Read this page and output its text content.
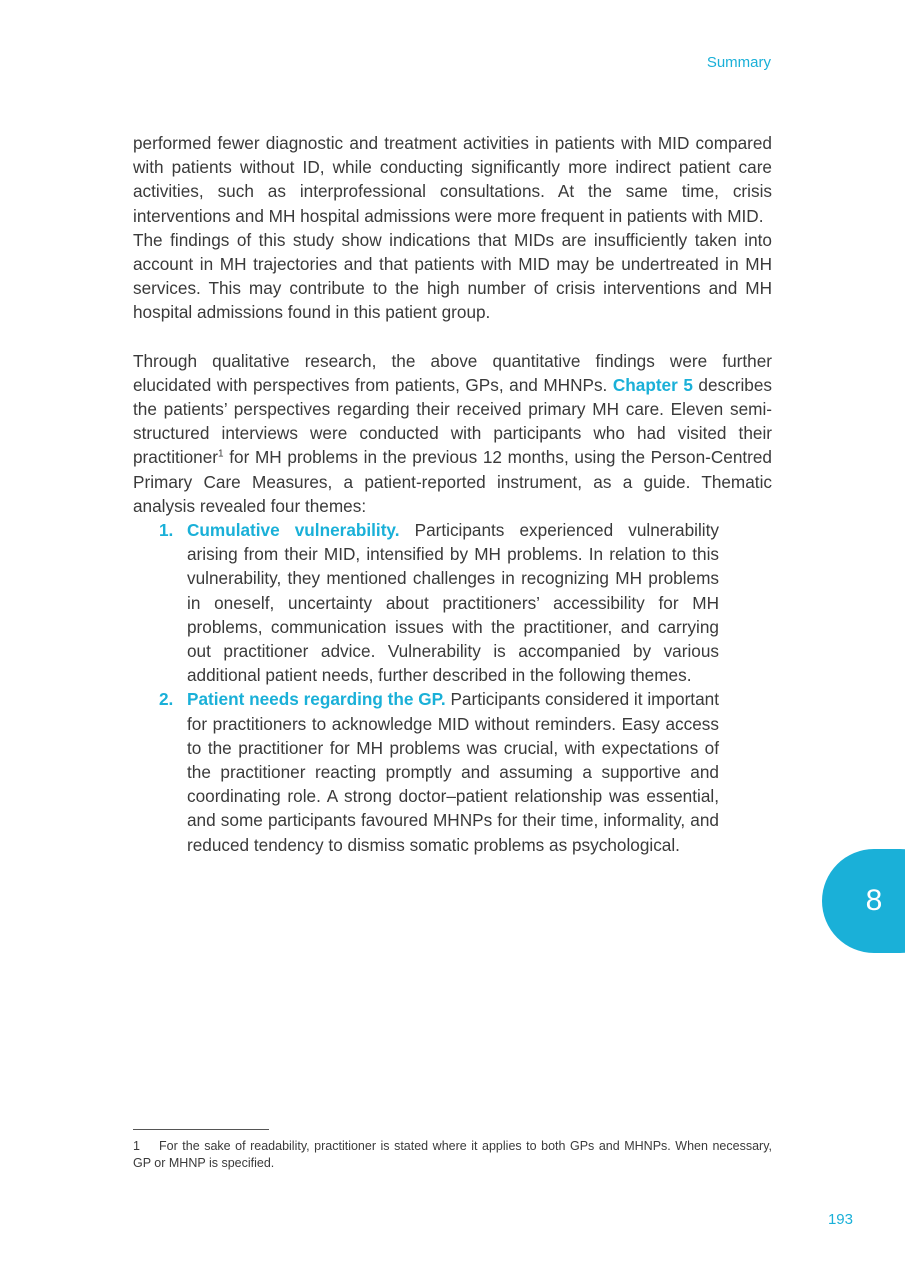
Summary

performed fewer diagnostic and treatment activities in patients with MID compared with patients without ID, while conducting significantly more indirect patient care activities, such as interprofessional consultations. At the same time, crisis interventions and MH hospital admissions were more frequent in patients with MID.

The findings of this study show indications that MIDs are insufficiently taken into account in MH trajectories and that patients with MID may be undertreated in MH services. This may contribute to the high number of crisis interventions and MH hospital admissions found in this patient group.

Through qualitative research, the above quantitative findings were further elucidated with perspectives from patients, GPs, and MHNPs. Chapter 5 describes the patients’ perspectives regarding their received primary MH care. Eleven semi-structured interviews were conducted with participants who had visited their practitioner$^1$ for MH problems in the previous 12 months, using the Person-Centred Primary Care Measures, a patient-reported instrument, as a guide. Thematic analysis revealed four themes:

1. Cumulative vulnerability. Participants experienced vulnerability arising from their MID, intensified by MH problems. In relation to this vulnerability, they mentioned challenges in recognizing MH problems in oneself, uncertainty about practitioners’ accessibility for MH problems, communication issues with the practitioner, and carrying out practitioner advice. Vulnerability is accompanied by various additional patient needs, further described in the following themes.
2. Patient needs regarding the GP. Participants considered it important for practitioners to acknowledge MID without reminders. Easy access to the practitioner for MH problems was crucial, with expectations of the practitioner reacting promptly and assuming a supportive and coordinating role. A strong doctor–patient relationship was essential, and some participants favoured MHNPs for their time, informality, and reduced tendency to dismiss somatic problems as psychological.
1 For the sake of readability, practitioner is stated where it applies to both GPs and MHNPs. When necessary, GP or MHNP is specified.
8
193
